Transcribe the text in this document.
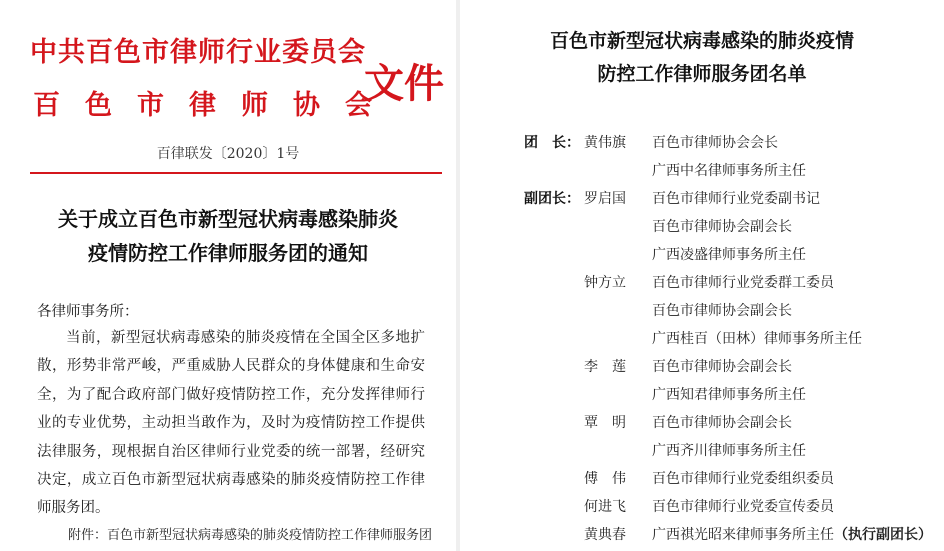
中共百色市律师行业委员会
百色市律师协会
文件
百律联发〔2020〕1号
关于成立百色市新型冠状病毒感染肺炎
疫情防控工作律师服务团的通知
各律师事务所：
当前，新型冠状病毒感染的肺炎疫情在全国全区多地扩散，形势非常严峻，严重威胁人民群众的身体健康和生命安全，为了配合政府部门做好疫情防控工作，充分发挥律师行业的专业优势，主动担当敢作为，及时为疫情防控工作提供法律服务，现根据自治区律师行业党委的统一部署，经研究决定，成立百色市新型冠状病毒感染的肺炎疫情防控工作律师服务团。
附件：百色市新型冠状病毒感染的肺炎疫情防控工作律师服务团
百色市新型冠状病毒感染的肺炎疫情
防控工作律师服务团名单
团　长： 黄伟旗 百色市律师协会会长
广西中名律师事务所主任
副团长： 罗启国 百色市律师行业党委副书记
百色市律师协会副会长
广西凌盛律师事务所主任
钟方立 百色市律师行业党委群工委员
百色市律师协会副会长
广西桂百（田林）律师事务所主任
李　莲 百色市律师协会副会长
广西知君律师事务所主任
覃　明 百色市律师协会副会长
广西齐川律师事务所主任
傅　伟 百色市律师行业党委组织委员
何进飞 百色市律师行业党委宣传委员
黄典春 广西祺光昭来律师事务所主任（执行副团长）
